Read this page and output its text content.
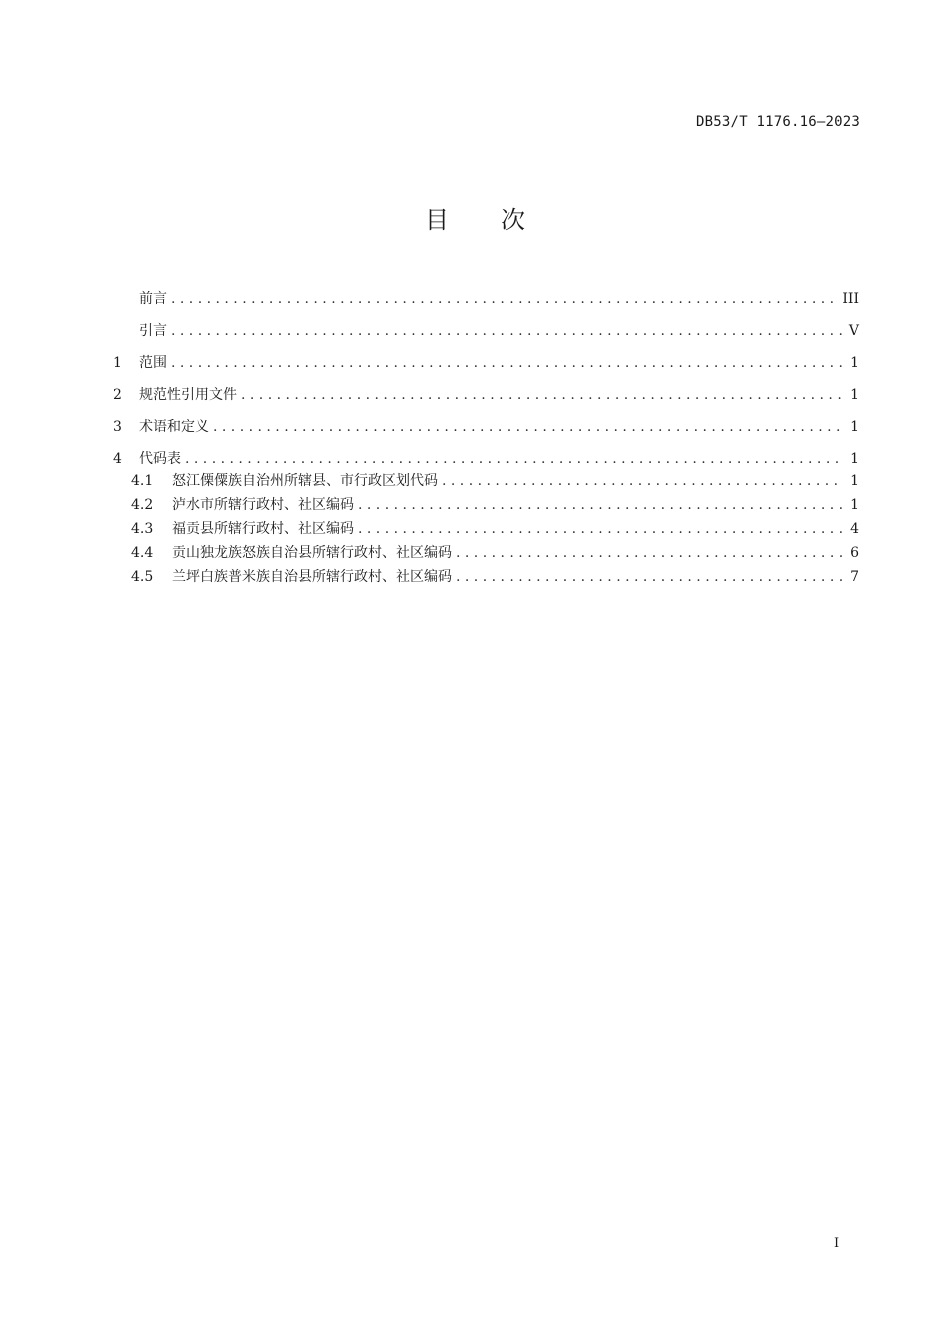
DB53/T 1176.16—2023
目次
前言 . . .	III
引言 . . .	V
1	范围 . . .	1
2	规范性引用文件 . . .	1
3	术语和定义 . . .	1
4	代码表 . . .	1
4.1	怒江傈僳族自治州所辖县、市行政区划代码 . . .	1
4.2	泸水市所辖行政村、社区编码 . . .	1
4.3	福贡县所辖行政村、社区编码 . . .	4
4.4	贡山独龙族怒族自治县所辖行政村、社区编码 . . .	6
4.5	兰坪白族普米族自治县所辖行政村、社区编码 . . .	7
I
